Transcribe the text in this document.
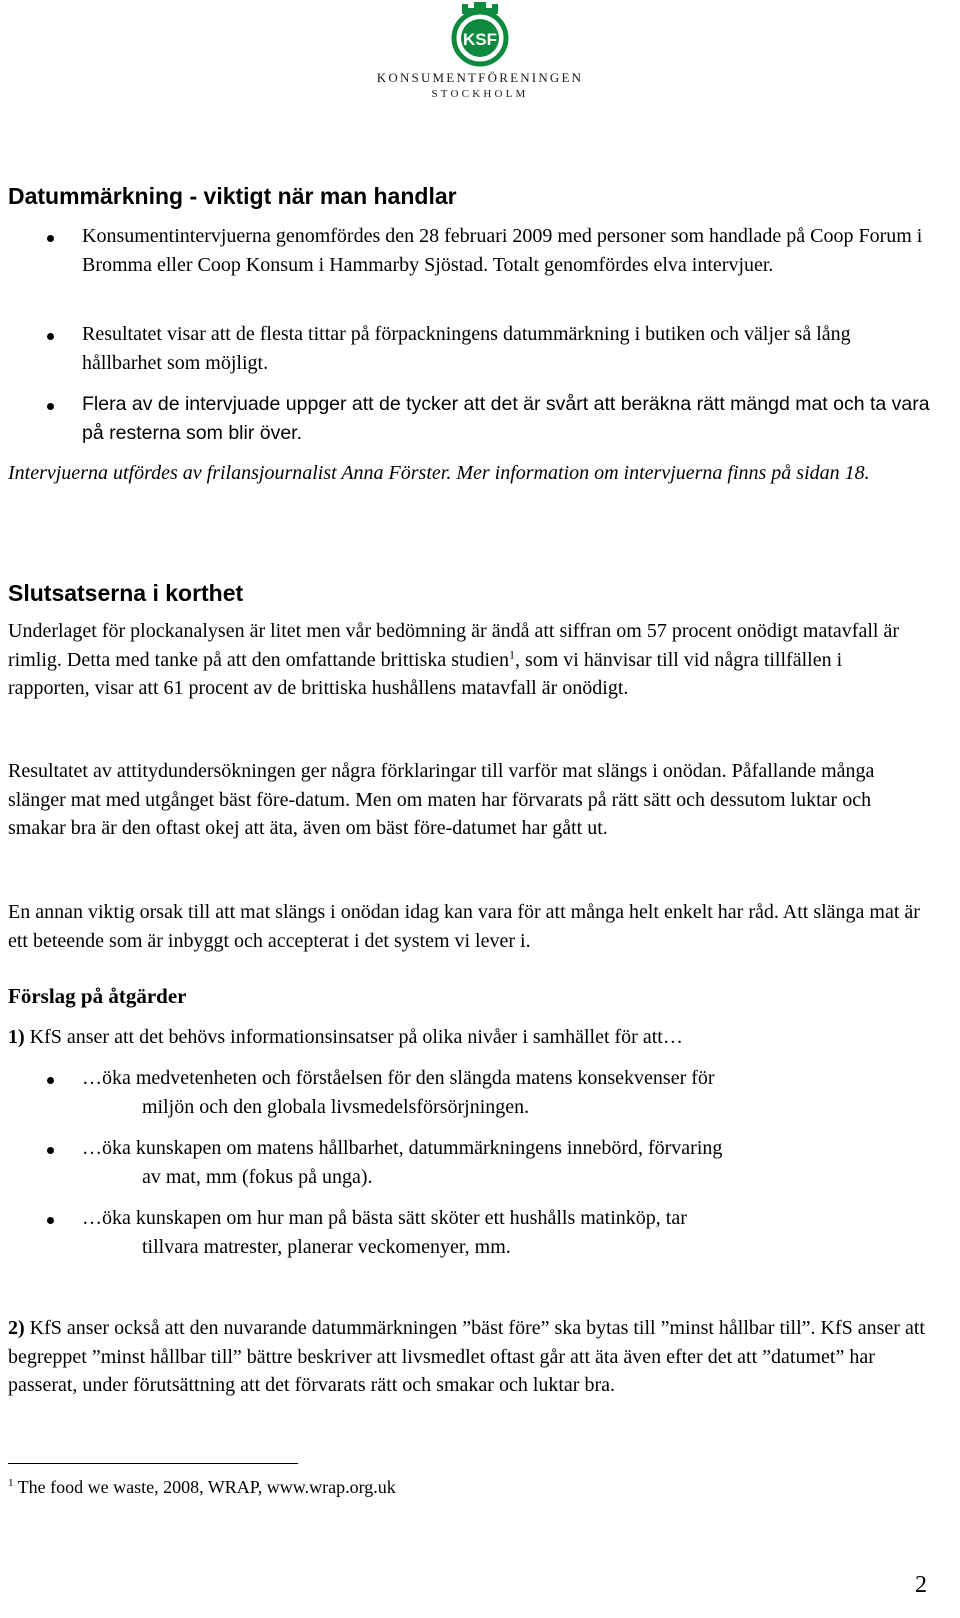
KSF
KONSUMENTFÖRENINGEN
STOCKHOLM
Datummärkning - viktigt när man handlar
Konsumentintervjuerna genomfördes den 28 februari 2009 med personer som handlade på Coop Forum i Bromma eller Coop Konsum i Hammarby Sjöstad. Totalt genomfördes elva intervjuer.
Resultatet visar att de flesta tittar på förpackningens datummärkning i butiken och väljer så lång hållbarhet som möjligt.
Flera av de intervjuade uppger att de tycker att det är svårt att beräkna rätt mängd mat och ta vara på resterna som blir över.
Intervjuerna utfördes av frilansjournalist Anna Förster. Mer information om intervjuerna finns på sidan 18.
Slutsatserna i korthet
Underlaget för plockanalysen är litet men vår bedömning är ändå att siffran om 57 procent onödigt matavfall är rimlig. Detta med tanke på att den omfattande brittiska studien$^1$, som vi hänvisar till vid några tillfällen i rapporten, visar att 61 procent av de brittiska hushållens matavfall är onödigt.
Resultatet av attitydundersökningen ger några förklaringar till varför mat slängs i onödan. Påfallande många slänger mat med utgånget bäst före-datum. Men om maten har förvarats på rätt sätt och dessutom luktar och smakar bra är den oftast okej att äta, även om bäst före-datumet har gått ut.
En annan viktig orsak till att mat slängs i onödan idag kan vara för att många helt enkelt har råd. Att slänga mat är ett beteende som är inbyggt och accepterat i det system vi lever i.
Förslag på åtgärder
1) KfS anser att det behövs informationsinsatser på olika nivåer i samhället för att…
…öka medvetenheten och förståelsen för den slängda matens konsekvenser för
miljön och den globala livsmedelsförsörjningen.
…öka kunskapen om matens hållbarhet, datummärkningens innebörd, förvaring
av mat, mm (fokus på unga).
…öka kunskapen om hur man på bästa sätt sköter ett hushålls matinköp, tar
tillvara matrester, planerar veckomenyer, mm.
2) KfS anser också att den nuvarande datummärkningen ”bäst före” ska bytas till ”minst hållbar till”. KfS anser att begreppet ”minst hållbar till” bättre beskriver att livsmedlet oftast går att äta även efter det att ”datumet” har passerat, under förutsättning att det förvarats rätt och smakar och luktar bra.
$^1$ The food we waste, 2008, WRAP, www.wrap.org.uk
2
